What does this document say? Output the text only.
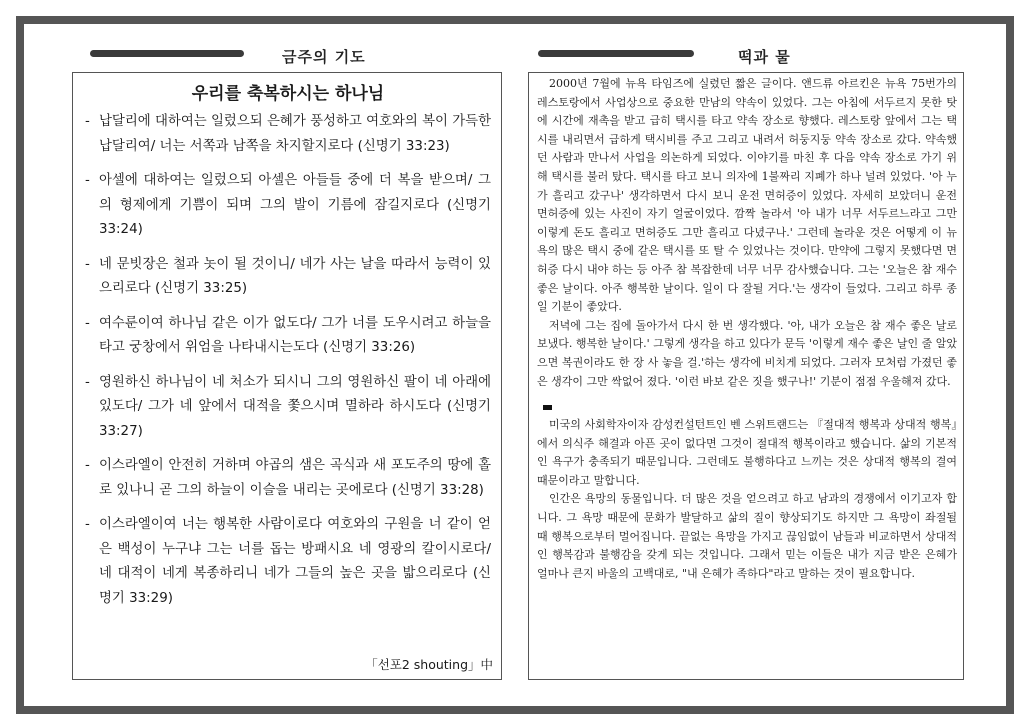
금주의 기도
우리를 축복하시는 하나님
- 납달리에 대하여는 일렀으되 은혜가 풍성하고 여호와의 복이 가득한 납달리여/ 너는 서쪽과 남쪽을 차지할지로다 (신명기 33:23)
- 아셀에 대하여는 일렀으되 아셀은 아들들 중에 더 복을 받으며/ 그의 형제에게 기쁨이 되며 그의 발이 기름에 잠길지로다 (신명기 33:24)
- 네 문빗장은 철과 놋이 될 것이니/ 네가 사는 날을 따라서 능력이 있으리로다 (신명기 33:25)
- 여수룬이여 하나님 같은 이가 없도다/ 그가 너를 도우시려고 하늘을 타고 궁창에서 위엄을 나타내시는도다 (신명기 33:26)
- 영원하신 하나님이 네 처소가 되시니 그의 영원하신 팔이 네 아래에 있도다/ 그가 네 앞에서 대적을 쫓으시며 멸하라 하시도다 (신명기 33:27)
- 이스라엘이 안전히 거하며 야곱의 샘은 곡식과 새 포도주의 땅에 홀로 있나니 곧 그의 하늘이 이슬을 내리는 곳에로다 (신명기 33:28)
- 이스라엘이여 너는 행복한 사람이로다 여호와의 구원을 너 같이 얻은 백성이 누구냐 그는 너를 돕는 방패시요 네 영광의 칼이시로다/ 네 대적이 네게 복종하리니 네가 그들의 높은 곳을 밟으리로다 (신명기 33:29)
「선포2 shouting」中
떡과 물

2000년 7월에 뉴욕 타임즈에 실렸던 짧은 글이다. 앤드류 아르킨은 뉴욕 75번가의 레스토랑에서 사업상으로 중요한 만남의 약속이 있었다. 그는 아침에 서두르지 못한 탓에 시간에 재촉을 받고 급히 택시를 타고 약속 장소로 향했다. 레스토랑 앞에서 그는 택시를 내리면서 급하게 택시비를 주고 그리고 내려서 허둥지둥 약속 장소로 갔다. 약속했던 사람과 만나서 사업을 의논하게 되었다. 이야기를 마친 후 다음 약속 장소로 가기 위해 택시를 불러 탔다. 택시를 타고 보니 의자에 1불짜리 지폐가 하나 널려 있었다. '아 누가 흘리고 갔구나' 생각하면서 다시 보니 운전 면허증이 있었다. 자세히 보았더니 운전 면허증에 있는 사진이 자기 얼굴이었다. 깜짝 놀라서 '아 내가 너무 서두르느라고 그만 이렇게 돈도 흘리고 면허증도 그만 흘리고 다녔구나.' 그런데 놀라운 것은 어떻게 이 뉴욕의 많은 택시 중에 같은 택시를 또 탈 수 있었나는 것이다. 만약에 그렇지 못했다면 면허증 다시 내야 하는 등 아주 참 복잡한데 너무 너무 감사했습니다. 그는 '오늘은 참 재수 좋은 날이다. 아주 행복한 날이다. 일이 다 잘될 거다.'는 생각이 들었다. 그리고 하루 종일 기분이 좋았다.

저녁에 그는 집에 돌아가서 다시 한 번 생각했다. '아, 내가 오늘은 참 재수 좋은 날로 보냈다. 행복한 날이다.' 그렇게 생각을 하고 있다가 문득 '이렇게 재수 좋은 날인 줄 알았으면 복권이라도 한 장 사 놓을 걸.'하는 생각에 비치게 되었다. 그러자 모처럼 가졌던 좋은 생각이 그만 싹없어 졌다. '이런 바보 같은 짓을 했구나!' 기분이 점점 우울해져 갔다.

미국의 사회학자이자 감성컨설턴트인 벤 스위트랜드는 『절대적 행복과 상대적 행복』에서 의식주 해결과 아픈 곳이 없다면 그것이 절대적 행복이라고 했습니다. 삶의 기본적인 욕구가 충족되기 때문입니다. 그런데도 불행하다고 느끼는 것은 상대적 행복의 결여 때문이라고 말합니다.

인간은 욕망의 동물입니다. 더 많은 것을 얻으려고 하고 남과의 경쟁에서 이기고자 합니다. 그 욕망 때문에 문화가 발달하고 삶의 질이 향상되기도 하지만 그 욕망이 좌절될 때 행복으로부터 멀어집니다. 끝없는 욕망을 가지고 끊임없이 남들과 비교하면서 상대적인 행복감과 불행감을 갖게 되는 것입니다. 그래서 믿는 이들은 내가 지금 받은 은혜가 얼마나 큰지 바울의 고백대로, "내 은혜가 족하다"라고 말하는 것이 필요합니다.
